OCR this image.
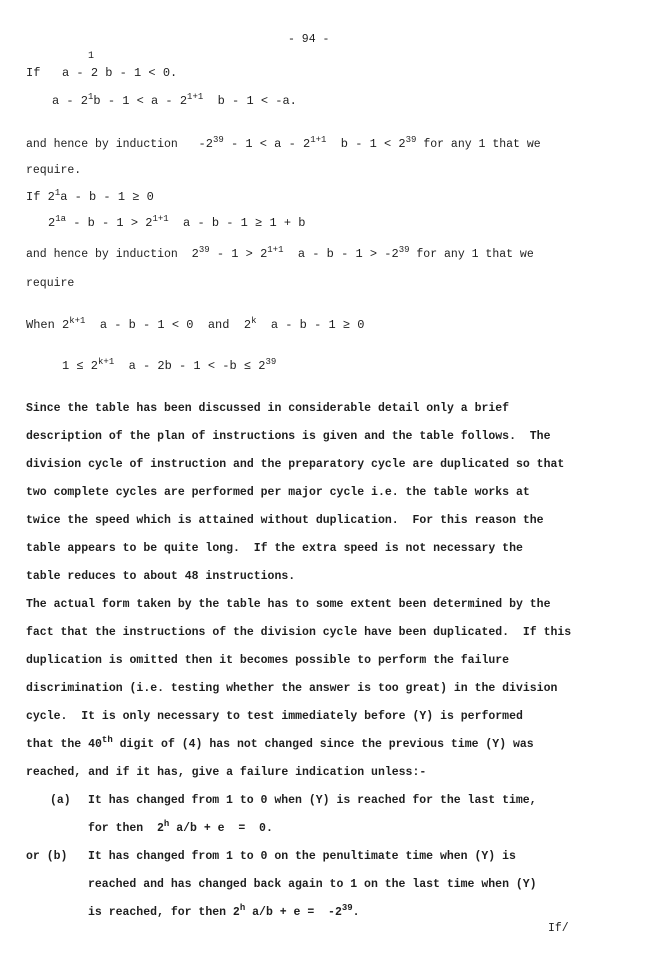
- 94 -
1
If a - 2 b - 1 < 0.
$a - 2^1b - 1 < a - 2^{1+1}$ b - 1 < -a.
and hence by induction $-2^{39} - 1 < a - 2^{1+1}$  $b - 1 < 2^{39}$ for any 1 that we
require.
If $2^1a - b - 1 \ge 0$
$2^{1a} - b - 1 > 2^{1+1}$  a - b - 1 ≥ 1 + b
and hence by induction $2^{39} - 1 > 2^{1+1}$  $a - b - 1 > -2^{39}$ for any 1 that we
require
When $2^{k+1}$  a - b - 1 < 0  and  2$^k$  a - b - 1 ≥ 0
$1 \le 2^{k+1}$  $a - 2b - 1 < -b \le 2^{39}$
Since the table has been discussed in considerable detail only a brief
description of the plan of instructions is given and the table follows.  The
division cycle of instruction and the preparatory cycle are duplicated so that
two complete cycles are performed per major cycle i.e. the table works at
twice the speed which is attained without duplication.  For this reason the
table appears to be quite long.  If the extra speed is not necessary the
table reduces to about 48 instructions.
The actual form taken by the table has to some extent been determined by the
fact that the instructions of the division cycle have been duplicated.  If this
duplication is omitted then it becomes possible to perform the failure
discrimination (i.e. testing whether the answer is too great) in the division
cycle.  It is only necessary to test immediately before (Y) is performed
that the 40th digit of (4) has not changed since the previous time (Y) was
reached, and if it has, give a failure indication unless:-
(a) It has changed from 1 to 0 when (Y) is reached for the last time,
for then  2$^h$ a/b + e  =  0.
or (b) It has changed from 1 to 0 on the penultimate time when (Y) is
reached and has changed back again to 1 on the last time when (Y)
is reached, for then 2$^h$ $a/b + e = -2^{39}$.
If/
